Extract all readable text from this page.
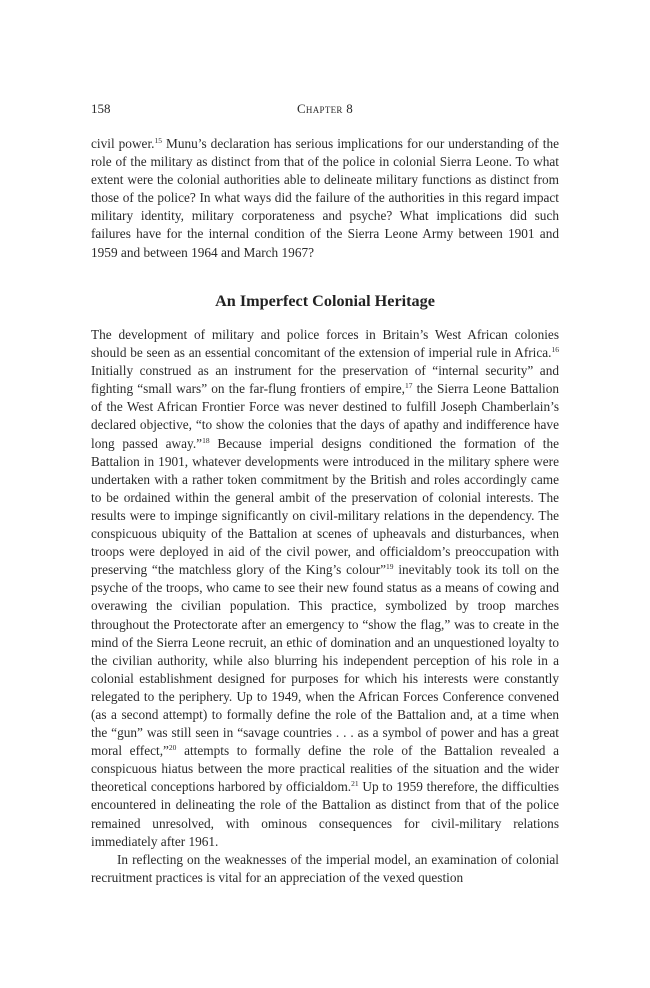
158	Chapter 8

civil power.$^{15}$ Munu’s declaration has serious implications for our understanding of the role of the military as distinct from that of the police in colonial Sierra Leone. To what extent were the colonial authorities able to delineate military functions as distinct from those of the police? In what ways did the failure of the authorities in this regard impact military identity, military corporateness and psyche? What implications did such failures have for the internal condition of the Sierra Leone Army between 1901 and 1959 and between 1964 and March 1967?

An Imperfect Colonial Heritage

The development of military and police forces in Britain’s West African colonies should be seen as an essential concomitant of the extension of imperial rule in Africa.$^{16}$ Initially construed as an instrument for the preservation of “internal security” and fighting “small wars” on the far-flung frontiers of empire,$^{17}$ the Sierra Leone Battalion of the West African Frontier Force was never destined to fulfill Joseph Chamberlain’s declared objective, “to show the colonies that the days of apathy and indifference have long passed away.”$^{18}$ Because imperial designs conditioned the formation of the Battalion in 1901, whatever developments were introduced in the military sphere were undertaken with a rather token commitment by the British and roles accordingly came to be ordained within the general ambit of the preservation of colonial interests. The results were to impinge significantly on civil-military relations in the dependency. The conspicuous ubiquity of the Battalion at scenes of upheavals and disturbances, when troops were deployed in aid of the civil power, and officialdom’s preoccupation with preserving “the matchless glory of the King’s colour”$^{19}$ inevitably took its toll on the psyche of the troops, who came to see their new found status as a means of cowing and overawing the civilian population. This practice, symbolized by troop marches throughout the Protectorate after an emergency to “show the flag,” was to create in the mind of the Sierra Leone recruit, an ethic of domination and an unquestioned loyalty to the civilian authority, while also blurring his independent perception of his role in a colonial establishment designed for purposes for which his interests were constantly relegated to the periphery. Up to 1949, when the African Forces Conference convened (as a second attempt) to formally define the role of the Battalion and, at a time when the “gun” was still seen in “savage countries . . . as a symbol of power and has a great moral effect,”$^{20}$ attempts to formally define the role of the Battalion revealed a conspicuous hiatus between the more practical realities of the situation and the wider theoretical conceptions harbored by officialdom.$^{21}$ Up to 1959 therefore, the difficulties encountered in delineating the role of the Battalion as distinct from that of the police remained unresolved, with ominous consequences for civil-military relations immediately after 1961.

In reflecting on the weaknesses of the imperial model, an examination of colonial recruitment practices is vital for an appreciation of the vexed question
